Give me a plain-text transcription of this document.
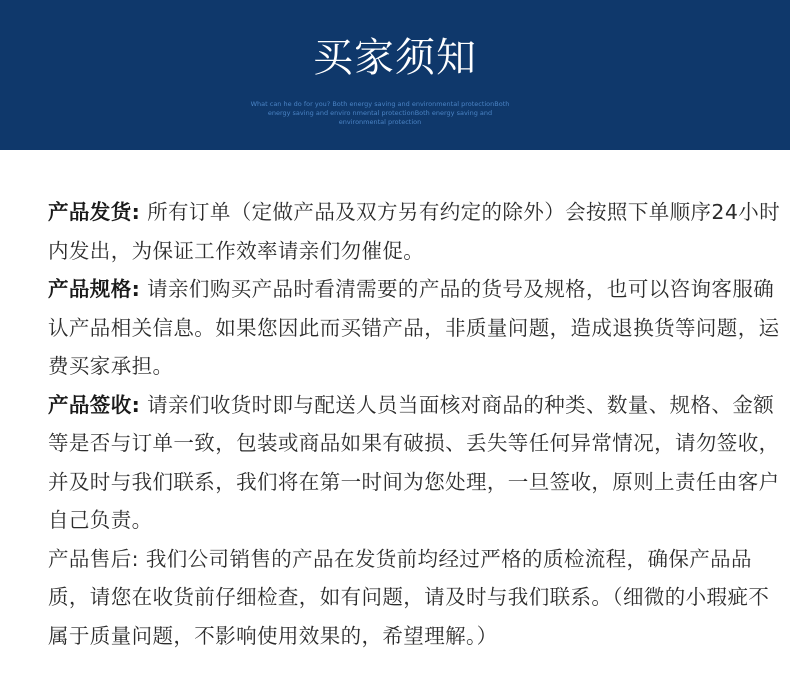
买家须知
What can he do for you? Both energy saving and environmental protectionBoth energy saving and enviro nmental protectionBoth energy saving and environmental protection

产品发货: 所有订单（定做产品及双方另有约定的除外）会按照下单顺序24小时内发出，为保证工作效率请亲们勿催促。

产品规格: 请亲们购买产品时看清需要的产品的货号及规格，也可以咨询客服确认产品相关信息。如果您因此而买错产品，非质量问题，造成退换货等问题，运费买家承担。

产品签收: 请亲们收货时即与配送人员当面核对商品的种类、数量、规格、金额等是否与订单一致，包装或商品如果有破损、丢失等任何异常情况，请勿签收，并及时与我们联系，我们将在第一时间为您处理，一旦签收，原则上责任由客户自己负责。

产品售后: 我们公司销售的产品在发货前均经过严格的质检流程，确保产品品质，请您在收货前仔细检查，如有问题，请及时与我们联系。（细微的小瑕疵不属于质量问题，不影响使用效果的，希望理解。）
